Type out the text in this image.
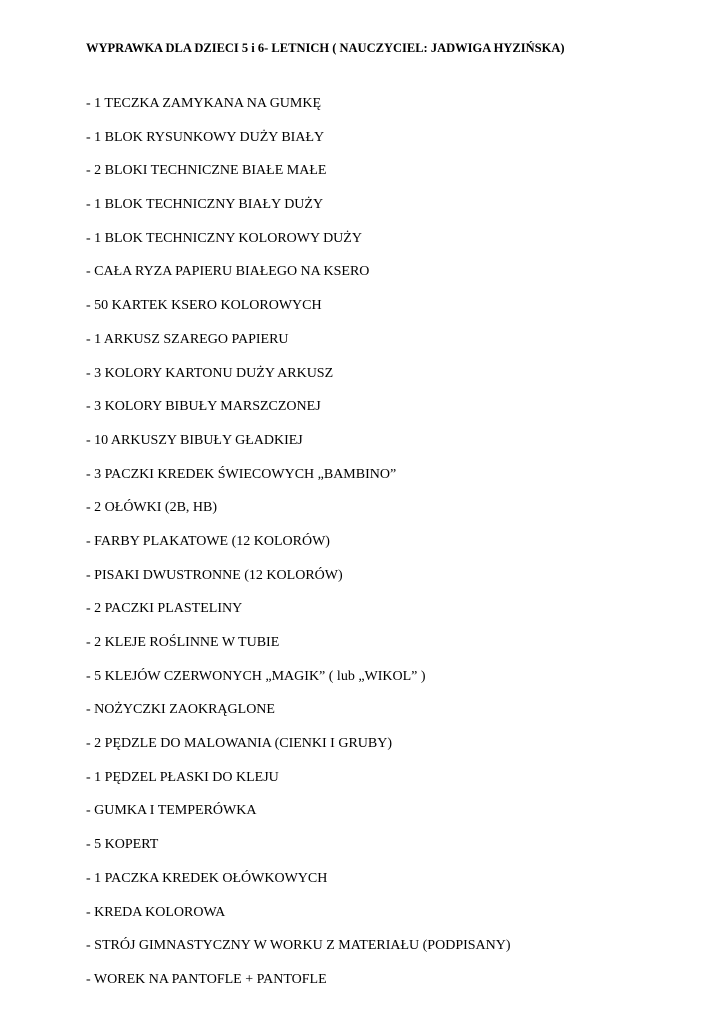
WYPRAWKA DLA DZIECI 5 i 6- LETNICH ( NAUCZYCIEL: JADWIGA HYZIŃSKA)
- 1 TECZKA ZAMYKANA NA GUMKĘ
- 1 BLOK RYSUNKOWY DUŻY BIAŁY
- 2 BLOKI TECHNICZNE BIAŁE MAŁE
- 1 BLOK TECHNICZNY BIAŁY DUŻY
- 1 BLOK TECHNICZNY KOLOROWY DUŻY
- CAŁA RYZA PAPIERU BIAŁEGO NA KSERO
- 50 KARTEK KSERO KOLOROWYCH
- 1 ARKUSZ SZAREGO PAPIERU
- 3 KOLORY KARTONU DUŻY ARKUSZ
- 3 KOLORY BIBUŁY MARSZCZONEJ
- 10 ARKUSZY BIBUŁY GŁADKIEJ
- 3 PACZKI KREDEK ŚWIECOWYCH „BAMBINO”
- 2 OŁÓWKI (2B, HB)
- FARBY PLAKATOWE (12 KOLORÓW)
- PISAKI DWUSTRONNE (12 KOLORÓW)
- 2 PACZKI PLASTELINY
- 2 KLEJE ROŚLINNE W TUBIE
- 5 KLEJÓW CZERWONYCH „MAGIK” ( lub „WIKOL” )
- NOŻYCZKI ZAOKRĄGLONE
- 2 PĘDZLE DO MALOWANIA (CIENKI I GRUBY)
- 1 PĘDZEL PŁASKI DO KLEJU
- GUMKA I TEMPERÓWKA
- 5 KOPERT
- 1 PACZKA KREDEK OŁÓWKOWYCH
- KREDA KOLOROWA
- STRÓJ GIMNASTYCZNY W WORKU Z MATERIAŁU (PODPISANY)
- WOREK NA PANTOFLE + PANTOFLE
